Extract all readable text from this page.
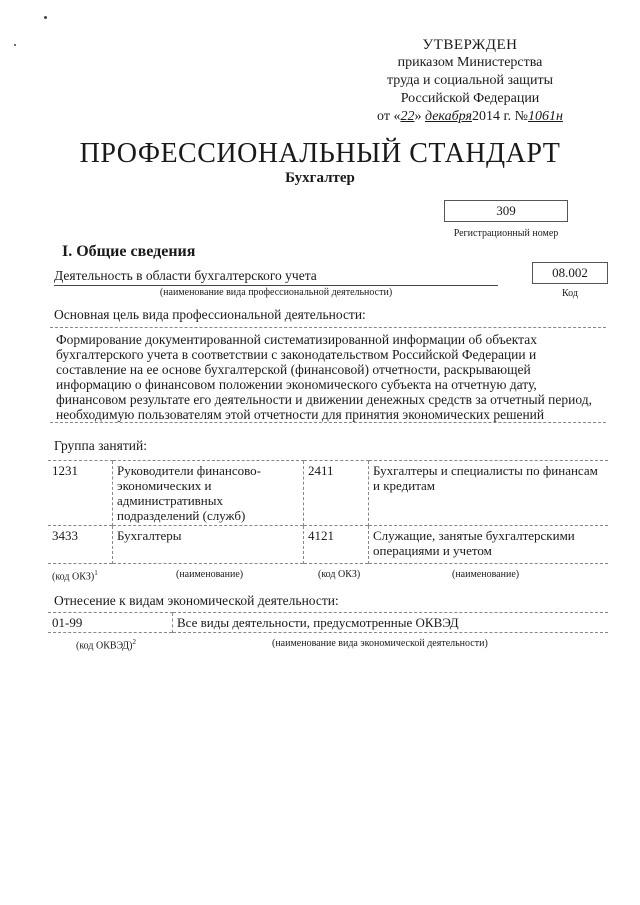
УТВЕРЖДЕН
приказом Министерства
труда и социальной защиты
Российской Федерации
от «22» декабря2014 г. №1061н
ПРОФЕССИОНАЛЬНЫЙ СТАНДАРТ
Бухгалтер
309
Регистрационный номер
I. Общие сведения
Деятельность в области бухгалтерского учета
(наименование вида профессиональной деятельности)
08.002
Код
Основная цель вида профессиональной деятельности:
Формирование документированной систематизированной информации об объектах бухгалтерского учета в соответствии с законодательством Российской Федерации и составление на ее основе бухгалтерской (финансовой) отчетности, раскрывающей информацию о финансовом положении экономического субъекта на отчетную дату, финансовом результате его деятельности и движении денежных средств за отчетный период, необходимую пользователям этой отчетности для принятия экономических решений
Группа занятий:
1231	Руководители финансово-экономических и административных подразделений (служб)	2411	Бухгалтеры и специалисты по финансам и кредитам
3433	Бухгалтеры	4121	Служащие, занятые бухгалтерскими операциями и учетом
(код ОКЗ)$^1$	(наименование)	(код ОКЗ)	(наименование)
Отнесение к видам экономической деятельности:
01-99	Все виды деятельности, предусмотренные ОКВЭД
(код ОКВЭД)$^2$	(наименование вида экономической деятельности)
